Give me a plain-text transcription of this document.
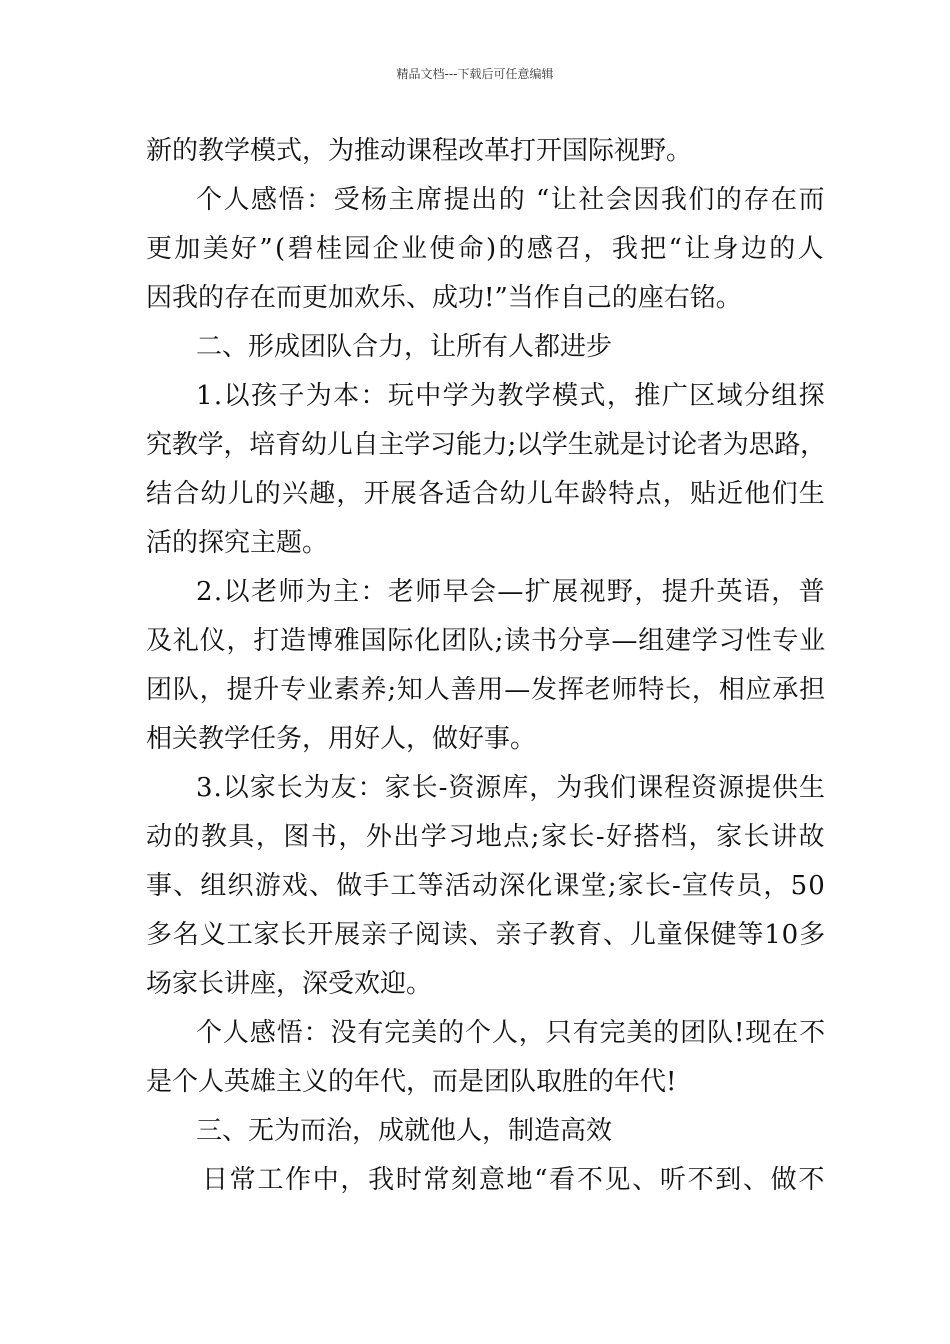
精品文档---下载后可任意编辑

新的教学模式，为推动课程改革打开国际视野。

个人感悟：受杨主席提出的 “让社会因我们的存在而

更加美好”(碧桂园企业使命)的感召，我把“让身边的人

因我的存在而更加欢乐、成功!”当作自己的座右铭。

二、形成团队合力，让所有人都进步

1.以孩子为本：玩中学为教学模式，推广区域分组探

究教学，培育幼儿自主学习能力;以学生就是讨论者为思路，

结合幼儿的兴趣，开展各适合幼儿年龄特点，贴近他们生

活的探究主题。

2.以老师为主：老师早会—扩展视野，提升英语，普

及礼仪，打造博雅国际化团队;读书分享—组建学习性专业

团队，提升专业素养;知人善用—发挥老师特长，相应承担

相关教学任务，用好人，做好事。

3.以家长为友：家长-资源库，为我们课程资源提供生

动的教具，图书，外出学习地点;家长-好搭档，家长讲故

事、组织游戏、做手工等活动深化课堂;家长-宣传员，50

多名义工家长开展亲子阅读、亲子教育、儿童保健等10多

场家长讲座，深受欢迎。

个人感悟：没有完美的个人，只有完美的团队!现在不

是个人英雄主义的年代，而是团队取胜的年代!

三、无为而治，成就他人，制造高效

日常工作中，我时常刻意地“看不见、听不到、做不
